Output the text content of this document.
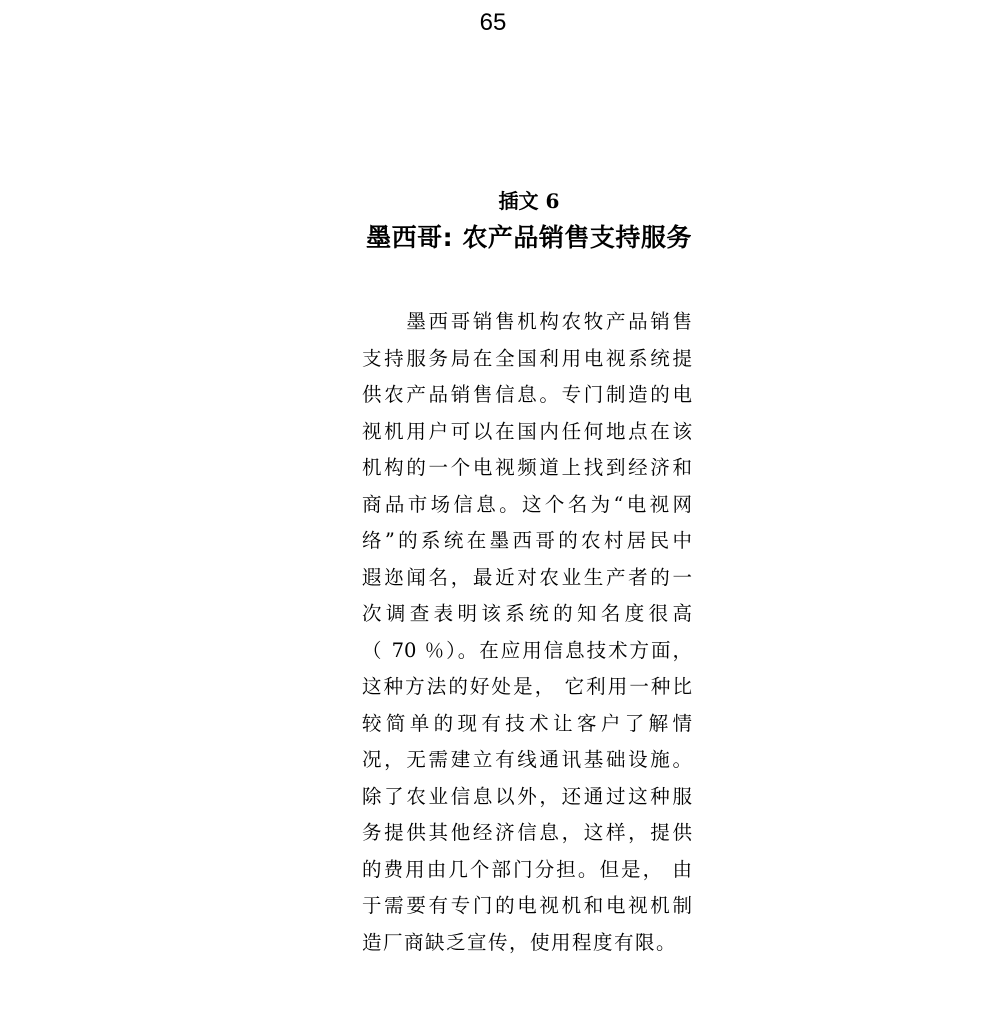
65
插文 6
墨西哥: 农产品销售支持服务
　　墨西哥销售机构农牧产品销售
支持服务局在全国利用电视系统提
供农产品销售信息。专门制造的电
视机用户可以在国内任何地点在该
机构的一个电视频道上找到经济和
商品市场信息。这个名为“电视网
络”的系统在墨西哥的农村居民中
遐迩闻名，最近对农业生产者的一
次调查表明该系统的知名度很高
（ 70 ％）。在应用信息技术方面，
这种方法的好处是， 它利用一种比
较简单的现有技术让客户了解情
况，无需建立有线通讯基础设施。
除了农业信息以外，还通过这种服
务提供其他经济信息，这样，提供
的费用由几个部门分担。但是， 由
于需要有专门的电视机和电视机制
造厂商缺乏宣传，使用程度有限。
